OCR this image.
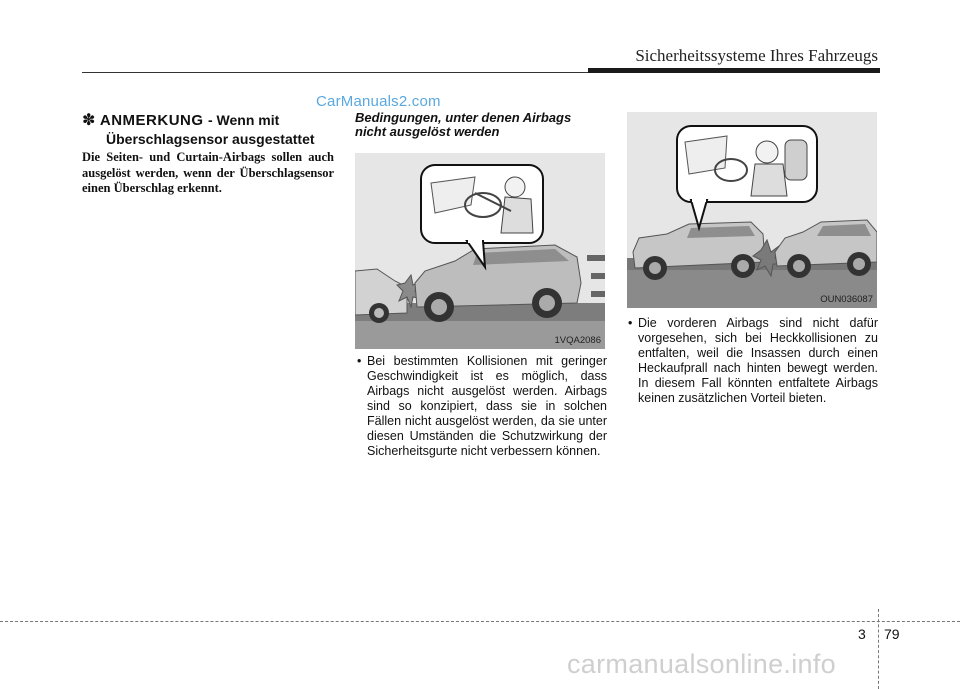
Sicherheitssysteme Ihres Fahrzeugs
CarManuals2.com
✽ ANMERKUNG - Wenn mit
Überschlagsensor ausgestattet
Die Seiten- und Curtain-Airbags sollen auch ausgelöst werden, wenn der Überschlagsensor einen Überschlag erkennt.
Bedingungen, unter denen Airbags nicht ausgelöst werden
1VQA2086
OUN036087
• Bei bestimmten Kollisionen mit geringer Geschwindigkeit ist es möglich, dass Airbags nicht ausgelöst werden. Airbags sind so konzipiert, dass sie in solchen Fällen nicht ausgelöst werden, da sie unter diesen Umständen die Schutzwirkung der Sicherheitsgurte nicht verbessern können.
• Die vorderen Airbags sind nicht dafür vorgesehen, sich bei Heckkollisionen zu entfalten, weil die Insassen durch einen Heckaufprall nach hinten bewegt werden. In diesem Fall könnten entfaltete Airbags keinen zusätzlichen Vorteil bieten.
3 79
carmanualsonline.info
